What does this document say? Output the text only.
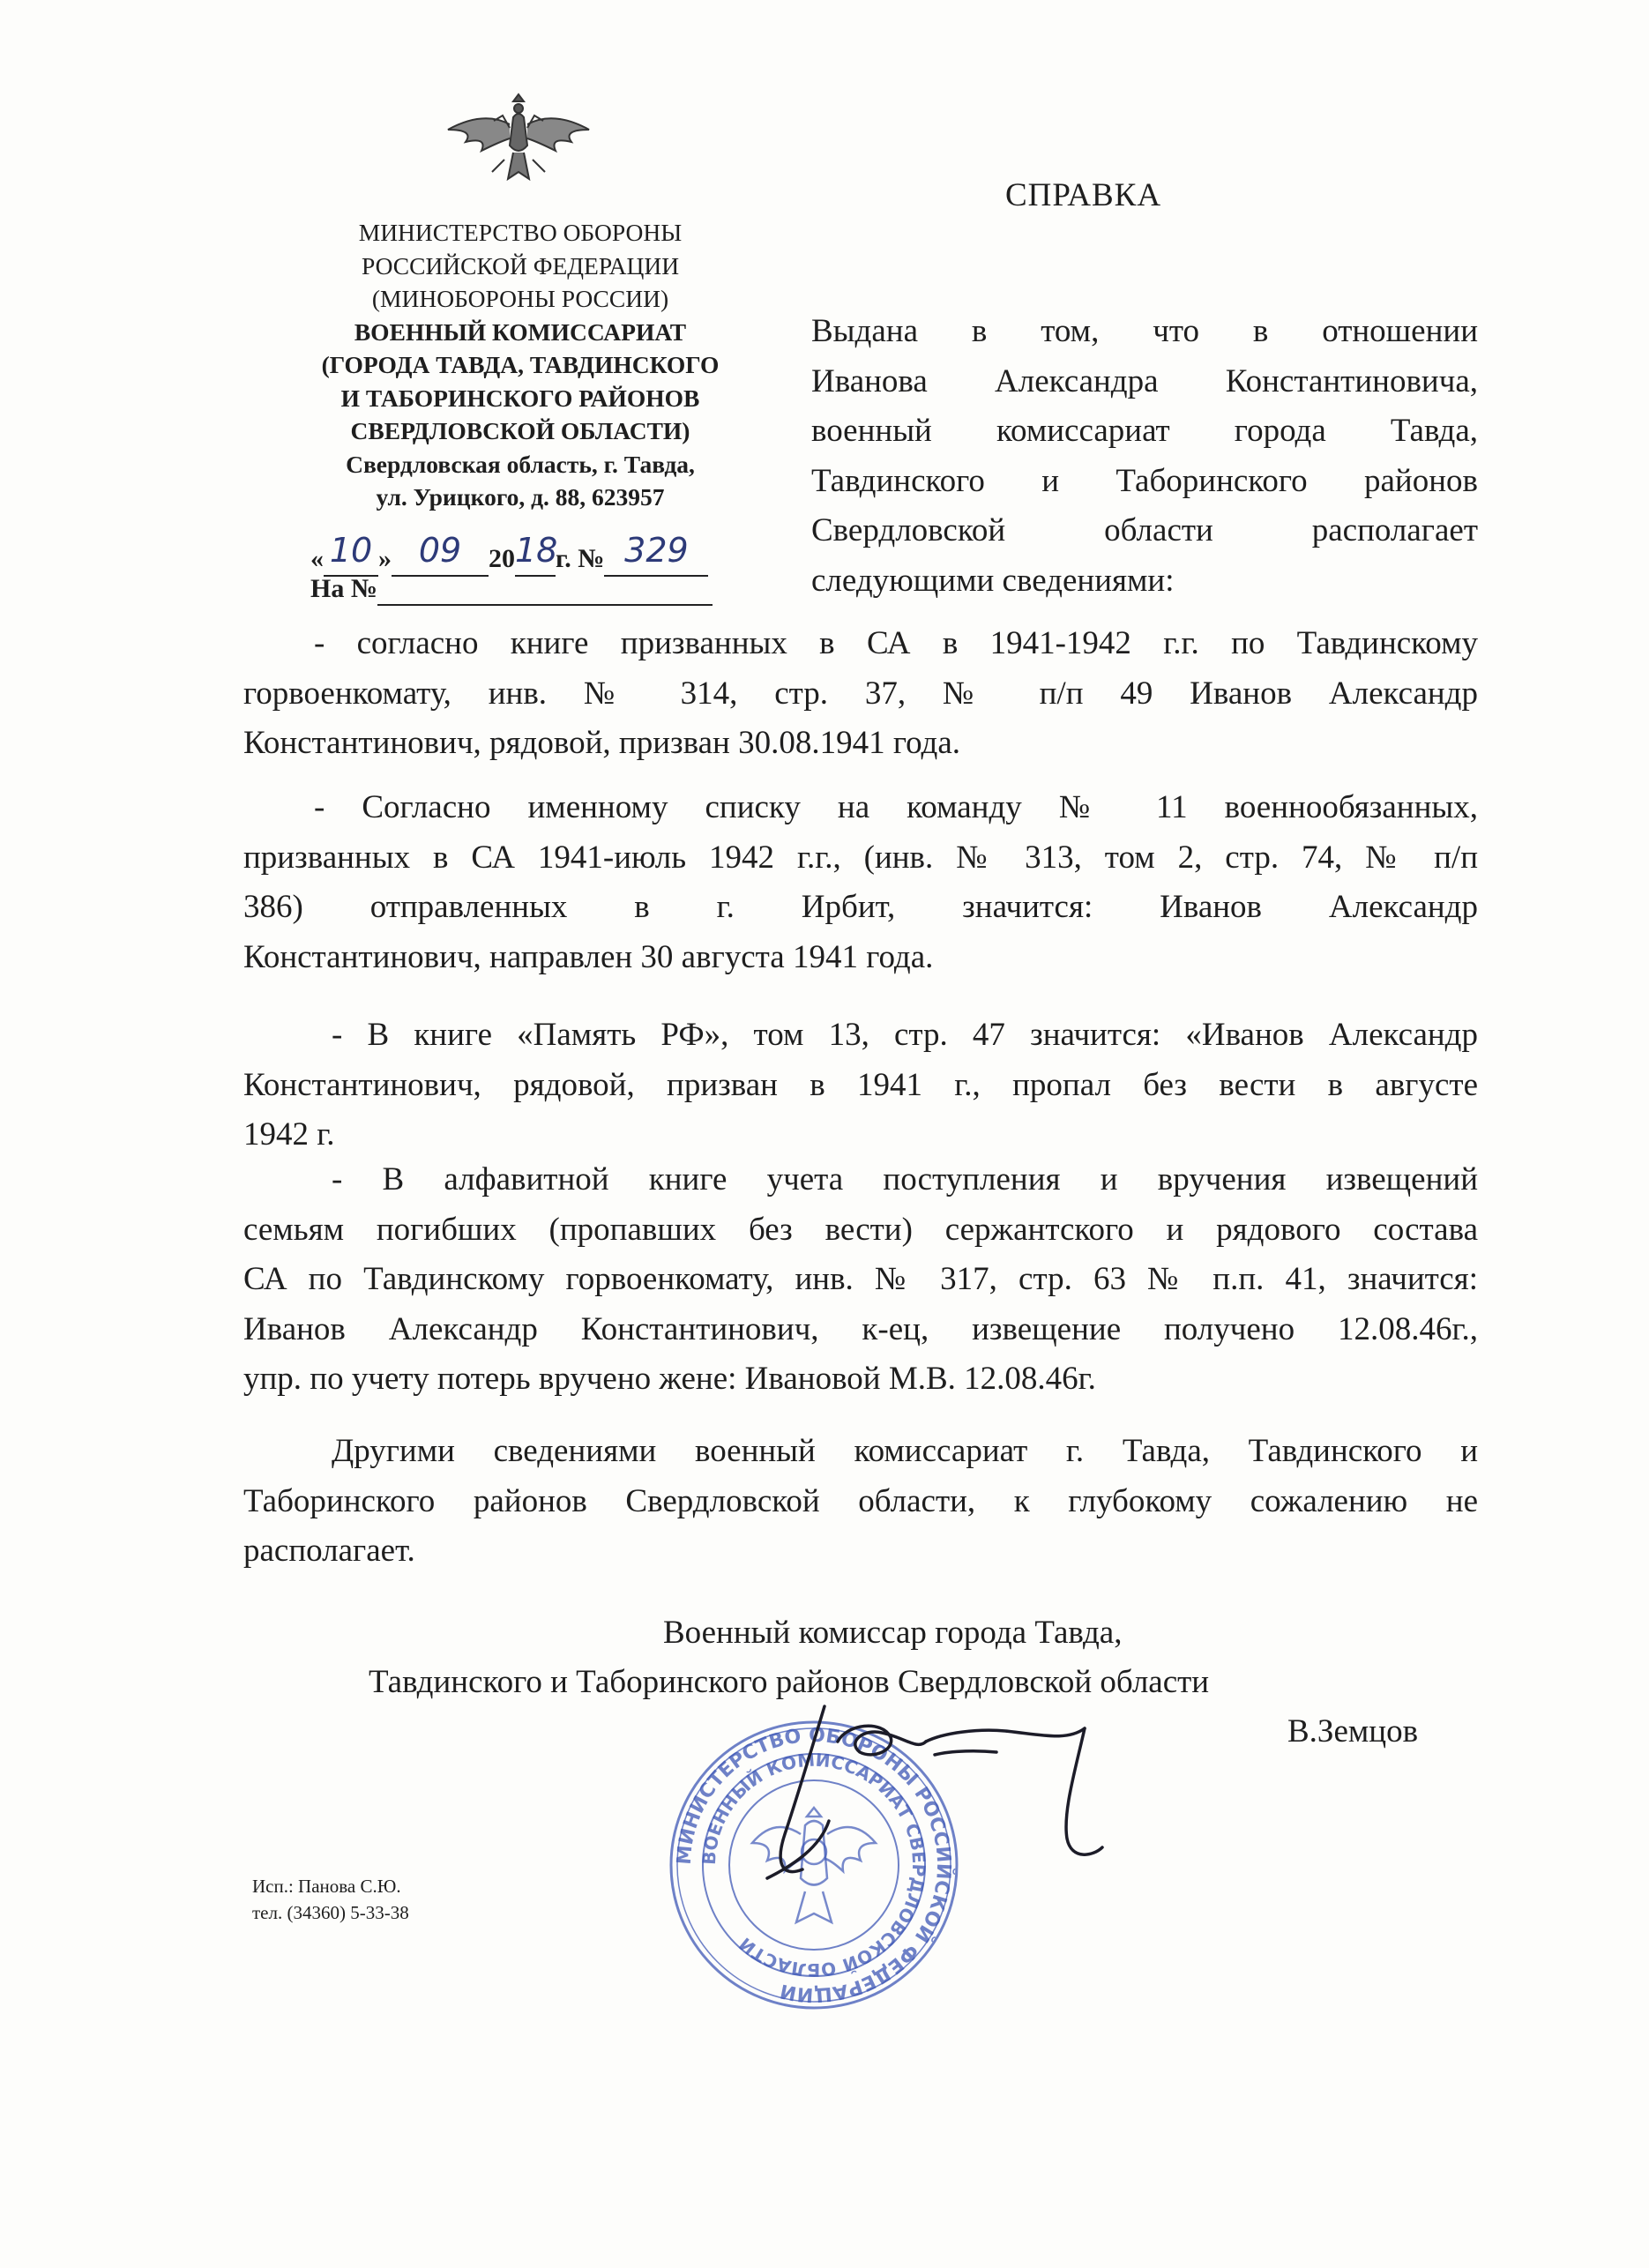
МИНИСТЕРСТВО ОБОРОНЫ
РОССИЙСКОЙ ФЕДЕРАЦИИ
(МИНОБОРОНЫ РОССИИ)
ВОЕННЫЙ КОМИССАРИАТ
(ГОРОДА ТАВДА, ТАВДИНСКОГО
И ТАБОРИНСКОГО РАЙОНОВ
СВЕРДЛОВСКОЙ ОБЛАСТИ)
Свердловская область, г. Тавда,
ул. Урицкого, д. 88, 623957
« 10 » 09 2018г. № 329
На №
СПРАВКА
Выдана в том, что в отношении
Иванова Александра Константиновича,
военный комиссариат города Тавда,
Тавдинского и Таборинского районов
Свердловской области располагает
следующими сведениями:
- согласно книге призванных в СА в 1941-1942 г.г. по Тавдинскому
горвоенкомату, инв. № 314, стр. 37, № п/п 49 Иванов Александр
Константинович, рядовой, призван 30.08.1941 года.
- Согласно именному списку на команду № 11 военнообязанных,
призванных в СА 1941-июль 1942 г.г., (инв. № 313, том 2, стр. 74, № п/п
386) отправленных в г. Ирбит, значится: Иванов Александр
Константинович, направлен 30 августа 1941 года.
- В книге «Память РФ», том 13, стр. 47 значится: «Иванов Александр
Константинович, рядовой, призван в 1941 г., пропал без вести в августе
1942 г.
- В алфавитной книге учета поступления и вручения извещений
семьям погибших (пропавших без вести) сержантского и рядового состава
СА по Тавдинскому горвоенкомату, инв. № 317, стр. 63 № п.п. 41, значится:
Иванов Александр Константинович, к-ец, извещение получено 12.08.46г.,
упр. по учету потерь вручено жене: Ивановой М.В. 12.08.46г.
Другими сведениями военный комиссариат г. Тавда, Тавдинского и
Таборинского районов Свердловской области, к глубокому сожалению не
располагает.
МИНИСТЕРСТВО ОБОРОНЫ РОССИЙСКОЙ ФЕДЕРАЦИИ
ВОЕННЫЙ КОМИССАРИАТ СВЕРДЛОВСКОЙ ОБЛАСТИ
Военный комиссар города Тавда,
Тавдинского и Таборинского районов Свердловской области
В.Земцов
Исп.: Панова С.Ю.
тел. (34360) 5-33-38
